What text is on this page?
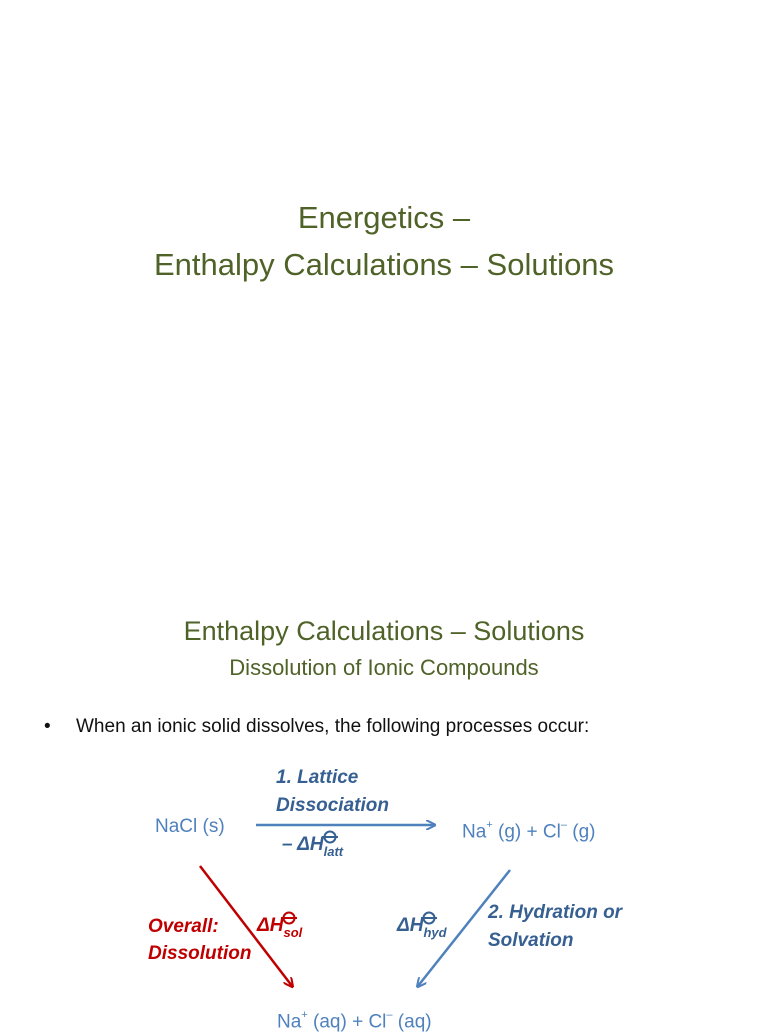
Energetics –
Enthalpy Calculations – Solutions
Enthalpy Calculations – Solutions
Dissolution of Ionic Compounds
• When an ionic solid dissolves, the following processes occur:
NaCl (s)	Na+ (g) + Cl– (g)
Na+ (aq) + Cl– (aq)
1. Lattice
Dissociation
– ΔH
$_{latt}$
ΔH
$_{hyd}$
2. Hydration or
Solvation
Overall:
Dissolution
ΔH
$_{sol}$
